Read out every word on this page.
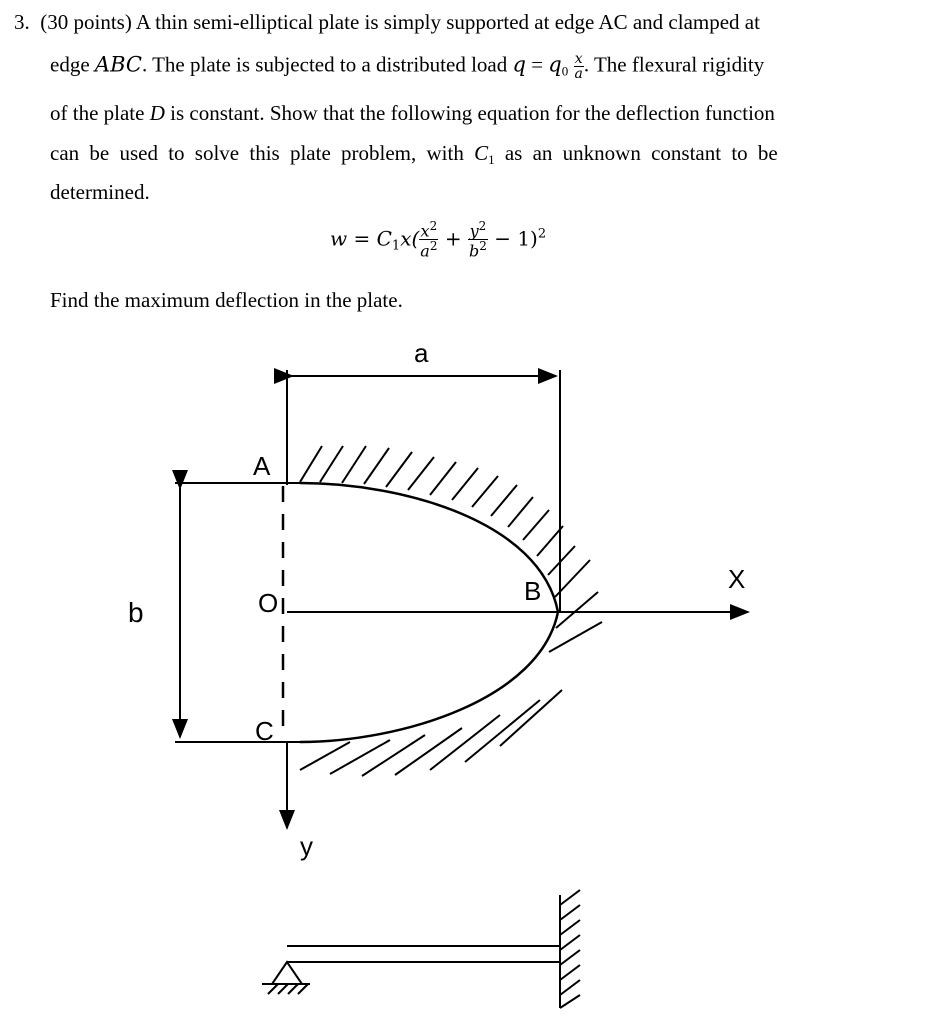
3. (30 points) A thin semi-elliptical plate is simply supported at edge AC and clamped at
edge ABC. The plate is subjected to a distributed load $q = q_0 \frac{x}{a}$ . The flexural rigidity
of the plate D is constant. Show that the following equation for the deflection function
can be used to solve this plate problem, with $C_1$ as an unknown constant to be
determined.
$w = C_1x( \frac{x^2}{a^2} + \frac{y^2}{b^2} - 1)^2$
Find the maximum deflection in the plate.
a
b
A
O
C
B	X
y
